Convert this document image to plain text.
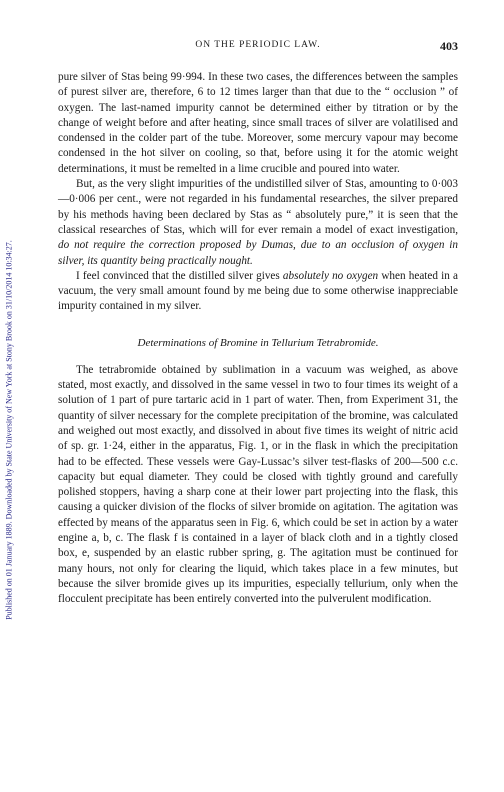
Published on 01 January 1889. Downloaded by State University of New York at Stony Brook on 31/10/2014 10:34:27.
ON THE PERIODIC LAW.	403

pure silver of Stas being 99·994. In these two cases, the differences between the samples of purest silver are, therefore, 6 to 12 times larger than that due to the “ occlusion ” of oxygen. The last-named impurity cannot be determined either by titration or by the change of weight before and after heating, since small traces of silver are volatilised and condensed in the colder part of the tube. Moreover, some mercury vapour may become condensed in the hot silver on cooling, so that, before using it for the atomic weight determinations, it must be remelted in a lime crucible and poured into water.

But, as the very slight impurities of the undistilled silver of Stas, amounting to 0·003—0·006 per cent., were not regarded in his fundamental researches, the silver prepared by his methods having been declared by Stas as “ absolutely pure,” it is seen that the classical researches of Stas, which will for ever remain a model of exact investigation, do not require the correction proposed by Dumas, due to an occlusion of oxygen in silver, its quantity being practically nought.

I feel convinced that the distilled silver gives absolutely no oxygen when heated in a vacuum, the very small amount found by me being due to some otherwise inappreciable impurity contained in my silver.

Determinations of Bromine in Tellurium Tetrabromide.

The tetrabromide obtained by sublimation in a vacuum was weighed, as above stated, most exactly, and dissolved in the same vessel in two to four times its weight of a solution of 1 part of pure tartaric acid in 1 part of water. Then, from Experiment 31, the quantity of silver necessary for the complete precipitation of the bromine, was calculated and weighed out most exactly, and dissolved in about five times its weight of nitric acid of sp. gr. 1·24, either in the apparatus, Fig. 1, or in the flask in which the precipitation had to be effected. These vessels were Gay-Lussac’s silver test-flasks of 200—500 c.c. capacity but equal diameter. They could be closed with tightly ground and carefully polished stoppers, having a sharp cone at their lower part projecting into the flask, this causing a quicker division of the flocks of silver bromide on agitation. The agitation was effected by means of the apparatus seen in Fig. 6, which could be set in action by a water engine a, b, c. The flask f is contained in a layer of black cloth and in a tightly closed box, e, suspended by an elastic rubber spring, g. The agitation must be continued for many hours, not only for clearing the liquid, which takes place in a few minutes, but because the silver bromide gives up its impurities, especially tellurium, only when the flocculent precipitate has been entirely converted into the pulverulent modification.
